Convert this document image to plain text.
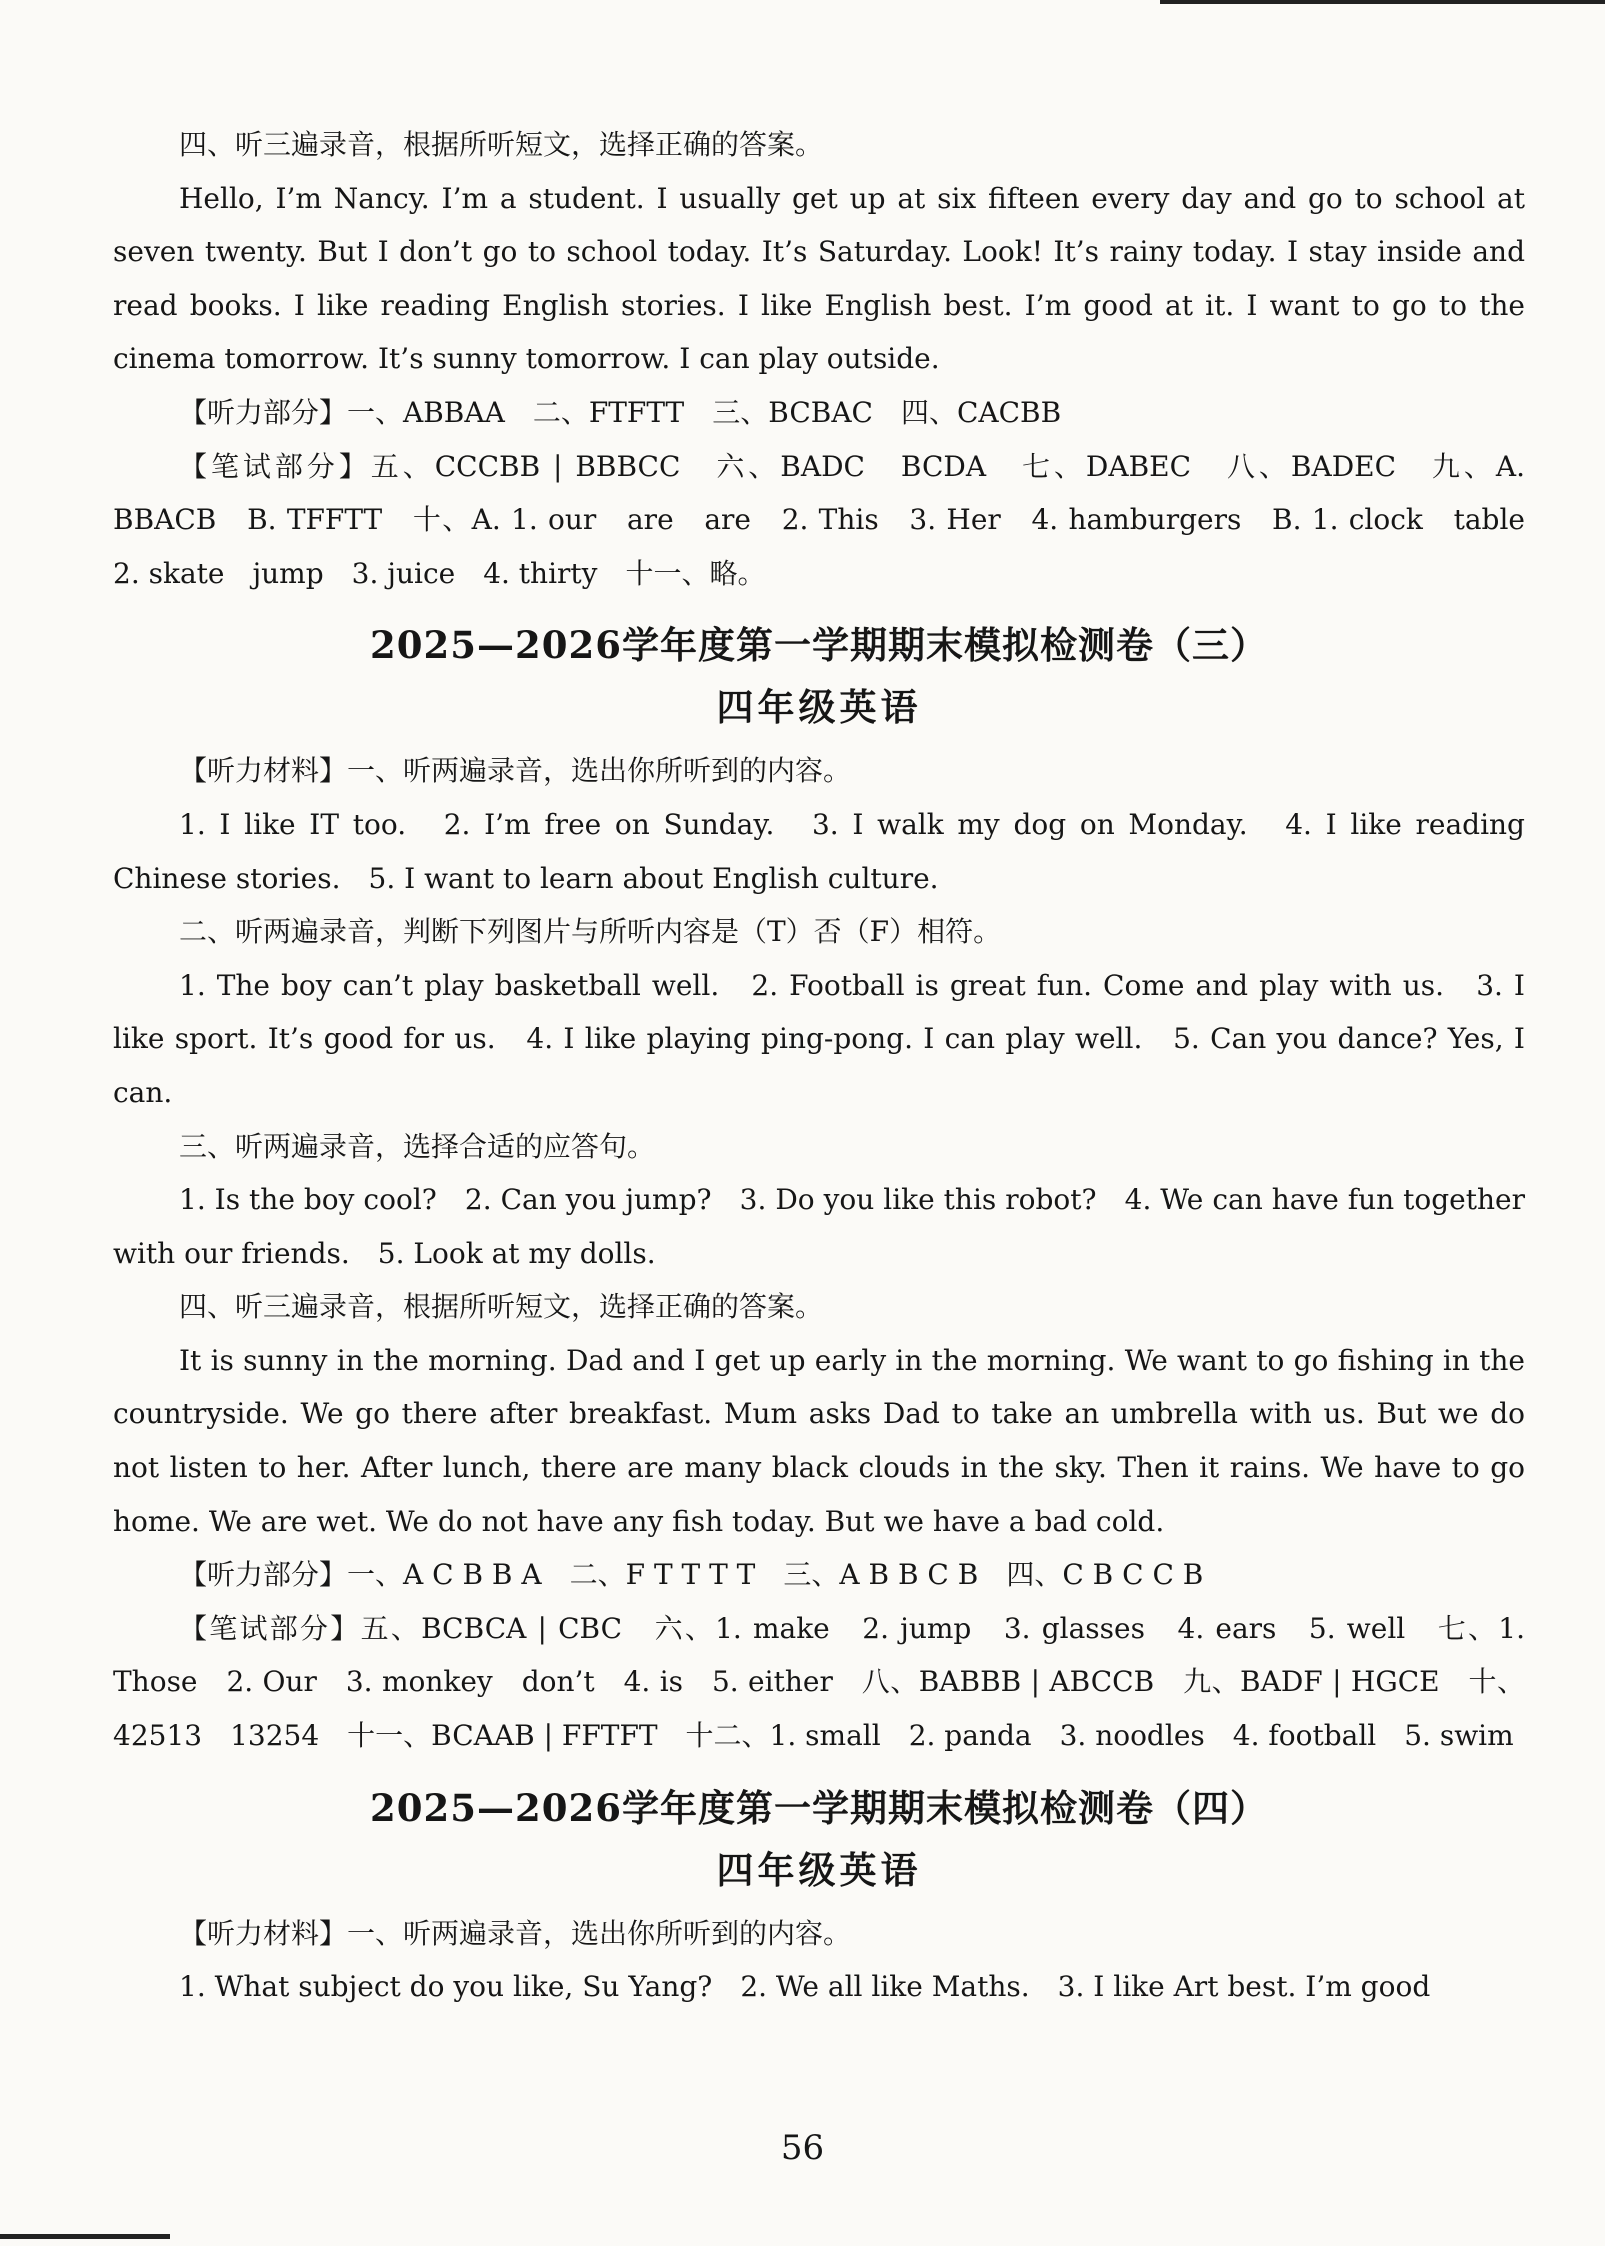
四、听三遍录音，根据所听短文，选择正确的答案。

Hello, I’m Nancy. I’m a student. I usually get up at six fifteen every day and go to school at seven twenty. But I don’t go to school today. It’s Saturday. Look! It’s rainy today. I stay inside and read books. I like reading English stories. I like English best. I’m good at it. I want to go to the cinema tomorrow. It’s sunny tomorrow. I can play outside.

【听力部分】一、ABBAA　二、FTFTT　三、BCBAC　四、CACBB

【笔试部分】五、CCCBB | BBBCC　六、BADC　BCDA　七、DABEC　八、BADEC　九、A. BBACB　B. TFFTT　十、A. 1. our　are　are　2. This　3. Her　4. hamburgers　B. 1. clock　table　2. skate　jump　3. juice　4. thirty　十一、略。

2025—2026学年度第一学期期末模拟检测卷（三）
四年级英语

【听力材料】一、听两遍录音，选出你所听到的内容。

1. I like IT too.　2. I’m free on Sunday.　3. I walk my dog on Monday.　4. I like reading Chinese stories.　5. I want to learn about English culture.

二、听两遍录音，判断下列图片与所听内容是（T）否（F）相符。

1. The boy can’t play basketball well.　2. Football is great fun. Come and play with us.　3. I like sport. It’s good for us.　4. I like playing ping-pong. I can play well.　5. Can you dance? Yes, I can.

三、听两遍录音，选择合适的应答句。

1. Is the boy cool?　2. Can you jump?　3. Do you like this robot?　4. We can have fun together with our friends.　5. Look at my dolls.

四、听三遍录音，根据所听短文，选择正确的答案。

It is sunny in the morning. Dad and I get up early in the morning. We want to go fishing in the countryside. We go there after breakfast. Mum asks Dad to take an umbrella with us. But we do not listen to her. After lunch, there are many black clouds in the sky. Then it rains. We have to go home. We are wet. We do not have any fish today. But we have a bad cold.

【听力部分】一、A C B B A　二、F T T T T　三、A B B C B　四、C B C C B

【笔试部分】五、BCBCA | CBC　六、1. make　2. jump　3. glasses　4. ears　5. well　七、1. Those　2. Our　3. monkey　don’t　4. is　5. either　八、BABBB | ABCCB　九、BADF | HGCE　十、42513　13254　十一、BCAAB | FFTFT　十二、1. small　2. panda　3. noodles　4. football　5. swim

2025—2026学年度第一学期期末模拟检测卷（四）
四年级英语

【听力材料】一、听两遍录音，选出你所听到的内容。

1. What subject do you like, Su Yang?　2. We all like Maths.　3. I like Art best. I’m good

56
